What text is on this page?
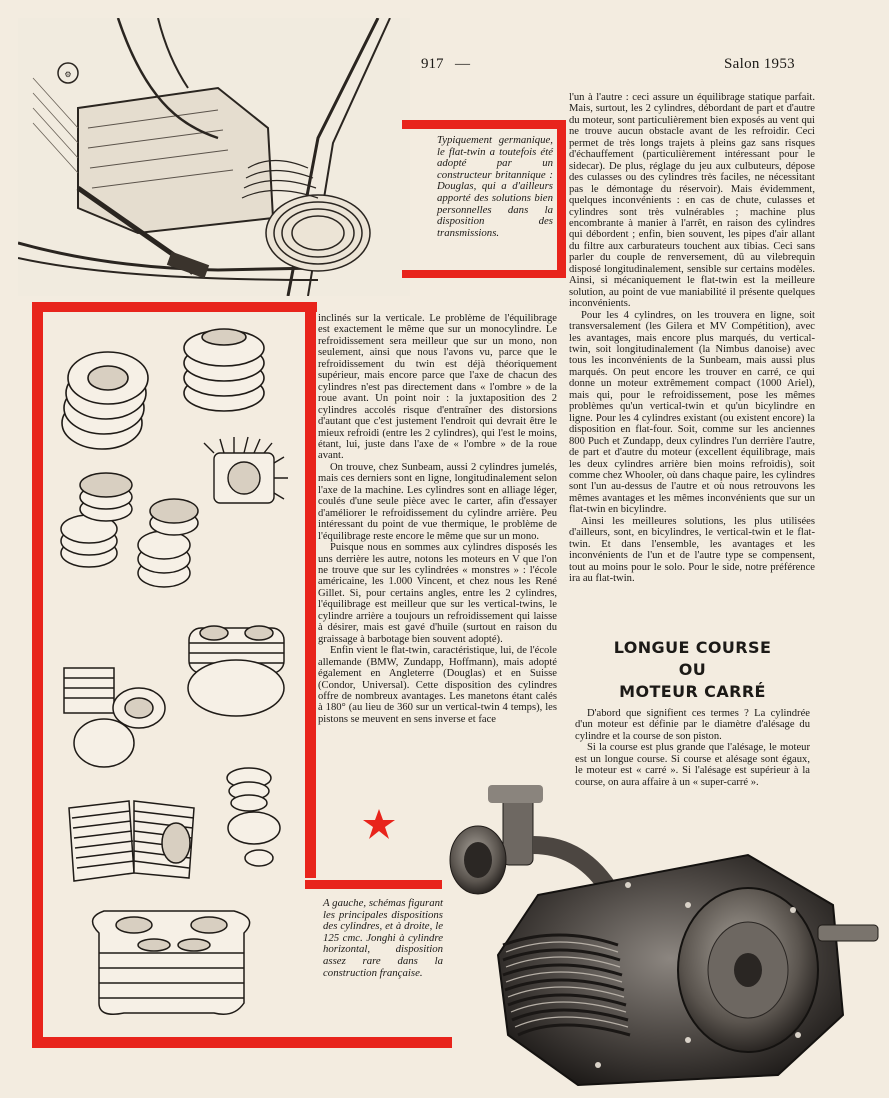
917 —	Salon 1953
⚙
Typiquement germanique, le flat-twin a toutefois été adopté par un constructeur britannique : Douglas, qui a d'ailleurs apporté des solutions bien personnelles dans la disposition des transmissions.

inclinés sur la verticale. Le problème de l'équilibrage est exactement le même que sur un monocylindre. Le refroidissement sera meilleur que sur un mono, non seulement, ainsi que nous l'avons vu, parce que le refroidissement du twin est déjà théoriquement supérieur, mais encore parce que l'axe de chacun des cylindres n'est pas directement dans « l'ombre » de la roue avant. Un point noir : la juxtaposition des 2 cylindres accolés risque d'entraîner des distorsions d'autant que c'est justement l'endroit qui devrait être le mieux refroidi (entre les 2 cylindres), qui l'est le moins, étant, lui, juste dans l'axe de « l'ombre » de la roue avant.

On trouve, chez Sunbeam, aussi 2 cylindres jumelés, mais ces derniers sont en ligne, longitudinalement selon l'axe de la machine. Les cylindres sont en alliage léger, coulés d'une seule pièce avec le carter, afin d'essayer d'améliorer le refroidissement du cylindre arrière. Peu intéressant du point de vue thermique, le problème de l'équilibrage reste encore le même que sur un mono.

Puisque nous en sommes aux cylindres disposés les uns derrière les autre, notons les moteurs en V que l'on ne trouve que sur les cylindrées « monstres » : l'école américaine, les 1.000 Vincent, et chez nous les René Gillet. Si, pour certains angles, entre les 2 cylindres, l'équilibrage est meilleur que sur les vertical-twins, le cylindre arrière a toujours un refroidissement qui laisse à désirer, mais est gavé d'huile (surtout en raison du graissage à barbotage bien souvent adopté).

Enfin vient le flat-twin, caractéristique, lui, de l'école allemande (BMW, Zundapp, Hoffmann), mais adopté également en Angleterre (Douglas) et en Suisse (Condor, Universal). Cette disposition des cylindres offre de nombreux avantages. Les manetons étant calés à 180° (au lieu de 360 sur un vertical-twin 4 temps), les pistons se meuvent en sens inverse et face

l'un à l'autre : ceci assure un équilibrage statique parfait. Mais, surtout, les 2 cylindres, débordant de part et d'autre du moteur, sont particulièrement bien exposés au vent qui ne trouve aucun obstacle avant de les refroidir. Ceci permet de très longs trajets à pleins gaz sans risques d'échauffement (particulièrement intéressant pour le sidecar). De plus, réglage du jeu aux culbuteurs, dépose des culasses ou des cylindres très faciles, ne nécessitant pas le démontage du réservoir). Mais évidemment, quelques inconvénients : en cas de chute, culasses et cylindres sont très vulnérables ; machine plus encombrante à manier à l'arrêt, en raison des cylindres qui débordent ; enfin, bien souvent, les pipes d'air allant du filtre aux carburateurs touchent aux tibias. Ceci sans parler du couple de renversement, dû au vilebrequin disposé longitudinalement, sensible sur certains modèles. Ainsi, si mécaniquement le flat-twin est la meilleure solution, au point de vue maniabilité il présente quelques inconvénients.

Pour les 4 cylindres, on les trouvera en ligne, soit transversalement (les Gilera et MV Compétition), avec les avantages, mais encore plus marqués, du vertical-twin, soit longitudinalement (la Nimbus danoise) avec tous les inconvénients de la Sunbeam, mais aussi plus marqués. On peut encore les trouver en carré, ce qui donne un moteur extrêmement compact (1000 Ariel), mais qui, pour le refroidissement, pose les mêmes problèmes qu'un vertical-twin et qu'un bicylindre en ligne. Pour les 4 cylindres existant (ou existent encore) la disposition en flat-four. Soit, comme sur les anciennes 800 Puch et Zundapp, deux cylindres l'un derrière l'autre, de part et d'autre du moteur (excellent équilibrage, mais les deux cylindres arrière bien moins refroidis), soit comme chez Whooler, où dans chaque paire, les cylindres sont l'un au-dessus de l'autre et où nous retrouvons les mêmes avantages et les mêmes inconvénients que sur un flat-twin en bicylindre.

Ainsi les meilleures solutions, les plus utilisées d'ailleurs, sont, en bicylindres, le vertical-twin et le flat-twin. Et dans l'ensemble, les avantages et les inconvénients de l'un et de l'autre type se compensent, tout au moins pour le solo. Pour le side, notre préférence ira au flat-twin.

LONGUE COURSE
OU
MOTEUR CARRÉ

D'abord que signifient ces termes ? La cylindrée d'un moteur est définie par le diamètre d'alésage du cylindre et la course de son piston.

Si la course est plus grande que l'alésage, le moteur est un longue course. Si course et alésage sont égaux, le moteur est « carré ». Si l'alésage est supérieur à la course, on aura affaire à un « super-carré ».

A gauche, schémas figurant les principales dispositions des cylindres, et à droite, le 125 cmc. Jonghi à cylindre horizontal, disposition assez rare dans la construction française.
